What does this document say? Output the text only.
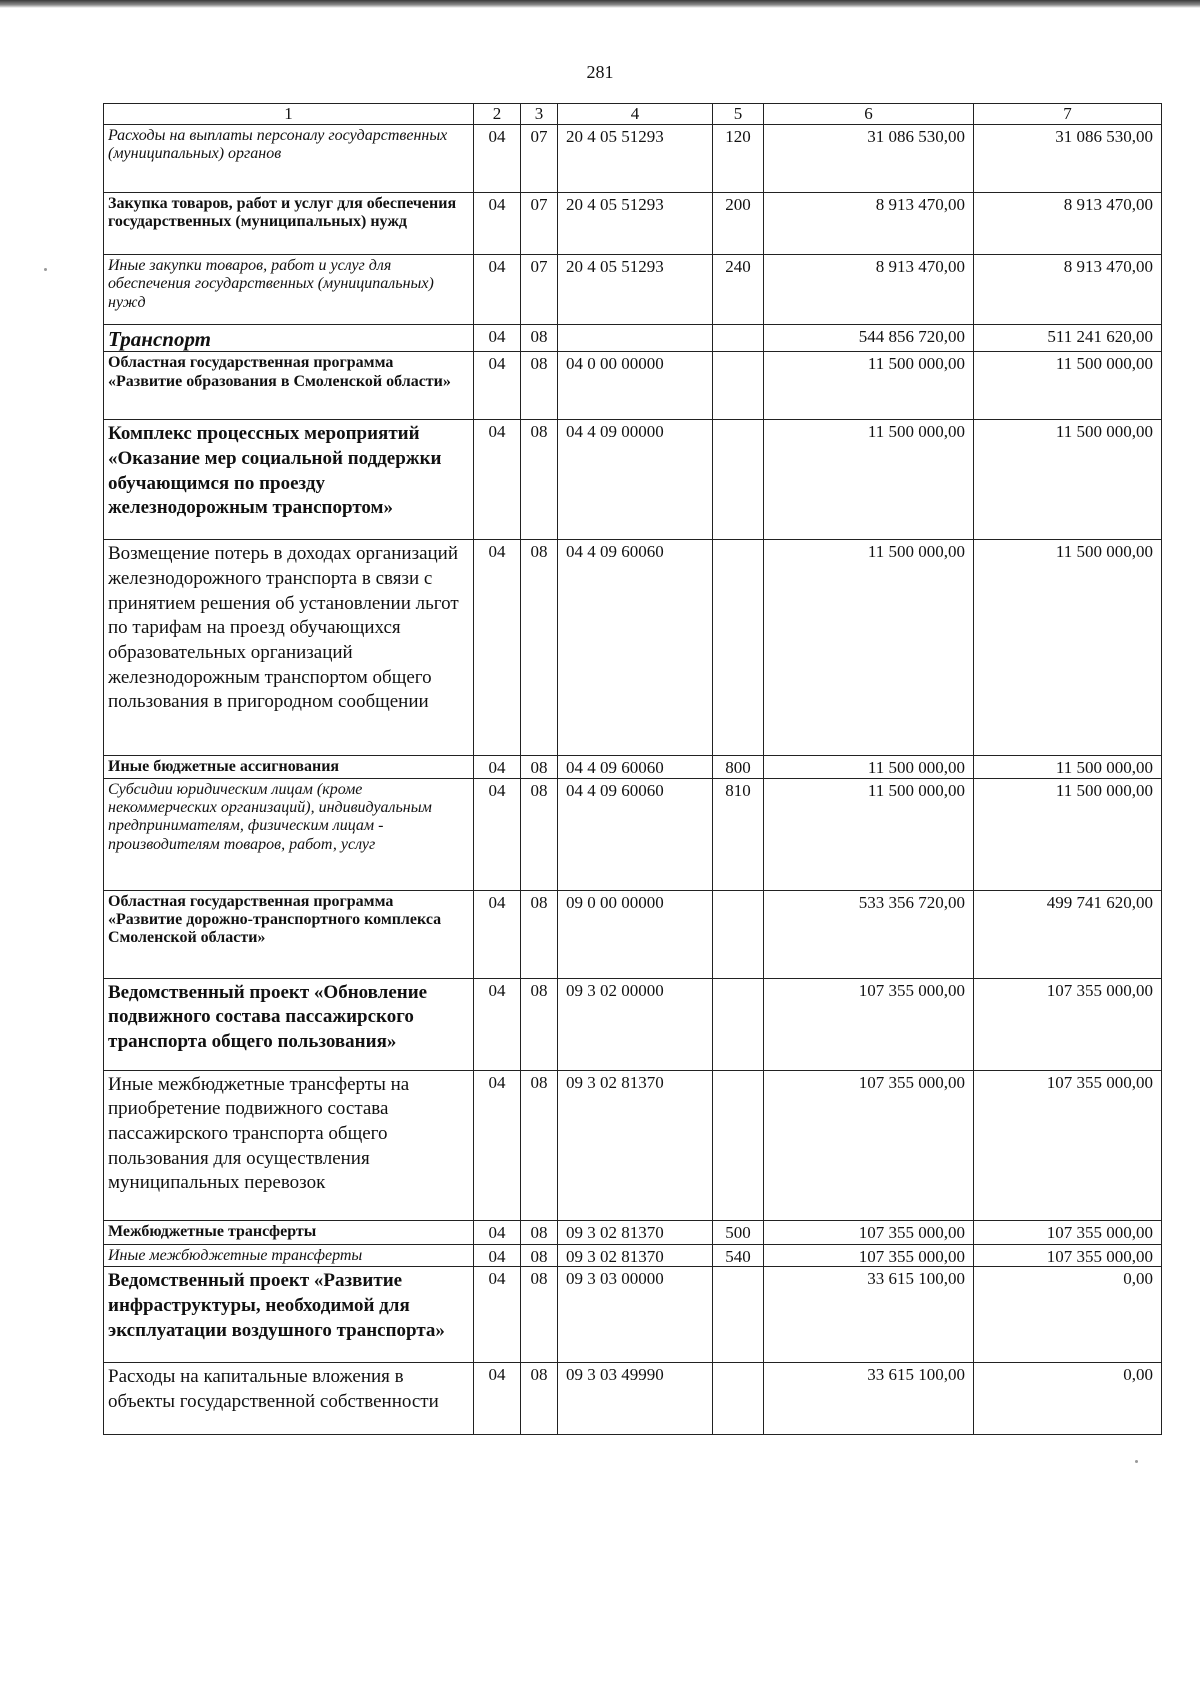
281
1	2	3	4	5	6	7
Расходы на выплаты персоналу государственных (муниципальных) органов	04	07	20 4 05 51293	120	31 086 530,00	31 086 530,00
Закупка товаров, работ и услуг для обеспечения государственных (муниципальных) нужд	04	07	20 4 05 51293	200	8 913 470,00	8 913 470,00
Иные закупки товаров, работ и услуг для обеспечения государственных (муниципальных) нужд	04	07	20 4 05 51293	240	8 913 470,00	8 913 470,00
Транспорт	04	08			544 856 720,00	511 241 620,00
Областная государственная программа «Развитие образования в Смоленской области»	04	08	04 0 00 00000		11 500 000,00	11 500 000,00
Комплекс процессных мероприятий «Оказание мер социальной поддержки обучающимся по проезду железнодорожным транспортом»	04	08	04 4 09 00000		11 500 000,00	11 500 000,00
Возмещение потерь в доходах организаций железнодорожного транспорта в связи с принятием решения об установлении льгот по тарифам на проезд обучающихся образовательных организаций железнодорожным транспортом общего пользования в пригородном сообщении	04	08	04 4 09 60060		11 500 000,00	11 500 000,00
Иные бюджетные ассигнования	04	08	04 4 09 60060	800	11 500 000,00	11 500 000,00
Субсидии юридическим лицам (кроме некоммерческих организаций), индивидуальным предпринимателям, физическим лицам - производителям товаров, работ, услуг	04	08	04 4 09 60060	810	11 500 000,00	11 500 000,00
Областная государственная программа «Развитие дорожно-транспортного комплекса Смоленской области»	04	08	09 0 00 00000		533 356 720,00	499 741 620,00
Ведомственный проект «Обновление подвижного состава пассажирского транспорта общего пользования»	04	08	09 3 02 00000		107 355 000,00	107 355 000,00
Иные межбюджетные трансферты на приобретение подвижного состава пассажирского транспорта общего пользования для осуществления муниципальных перевозок	04	08	09 3 02 81370		107 355 000,00	107 355 000,00
Межбюджетные трансферты	04	08	09 3 02 81370	500	107 355 000,00	107 355 000,00
Иные межбюджетные трансферты	04	08	09 3 02 81370	540	107 355 000,00	107 355 000,00
Ведомственный проект «Развитие инфраструктуры, необходимой для эксплуатации воздушного транспорта»	04	08	09 3 03 00000		33 615 100,00	0,00
Расходы на капитальные вложения в объекты государственной собственности	04	08	09 3 03 49990		33 615 100,00	0,00
